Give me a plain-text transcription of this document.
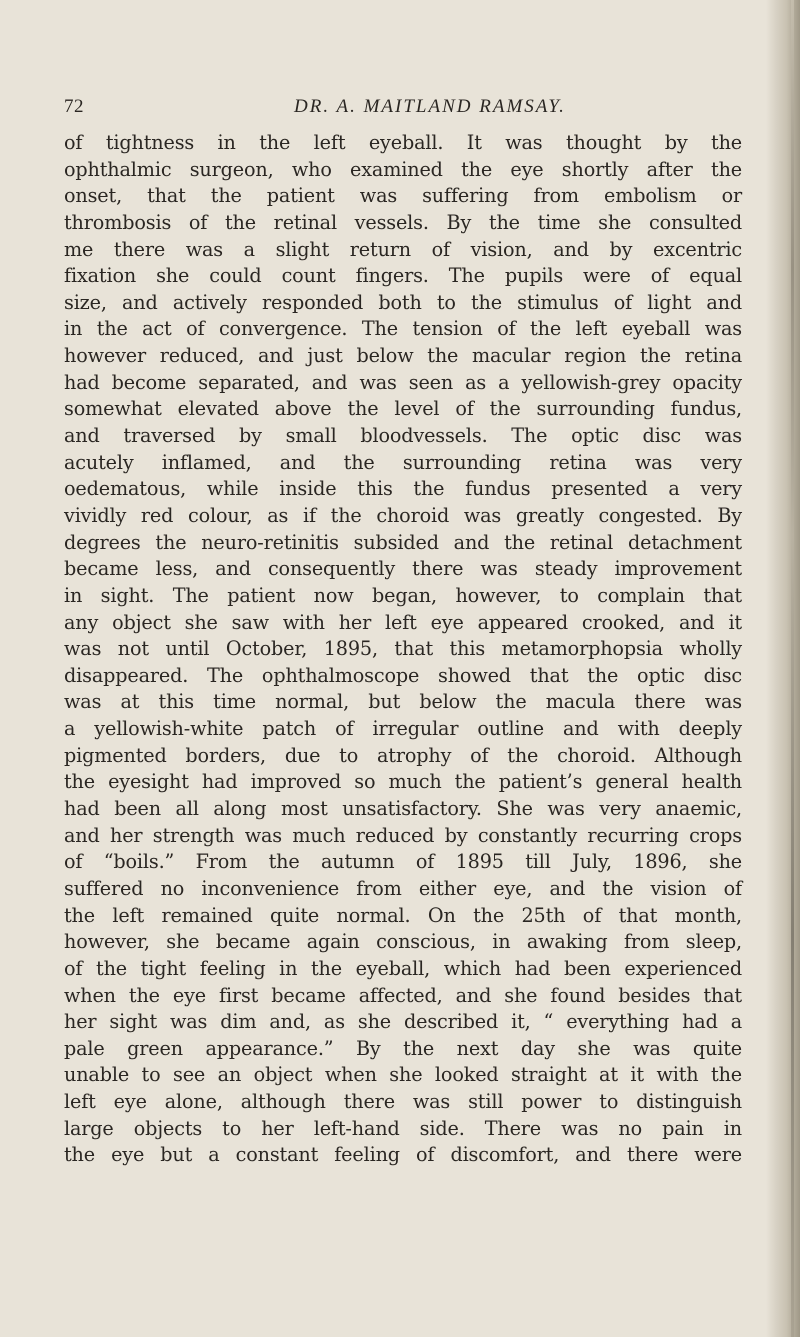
72	DR. A. MAITLAND RAMSAY.
of tightness in the left eyeball. It was thought by the
ophthalmic surgeon, who examined the eye shortly after the
onset, that the patient was suffering from embolism or
thrombosis of the retinal vessels. By the time she consulted
me there was a slight return of vision, and by excentric
fixation she could count fingers. The pupils were of equal
size, and actively responded both to the stimulus of light and
in the act of convergence. The tension of the left eyeball was
however reduced, and just below the macular region the retina
had become separated, and was seen as a yellowish-grey opacity
somewhat elevated above the level of the surrounding fundus,
and traversed by small bloodvessels. The optic disc was
acutely inflamed, and the surrounding retina was very
oedematous, while inside this the fundus presented a very
vividly red colour, as if the choroid was greatly congested. By
degrees the neuro-retinitis subsided and the retinal detachment
became less, and consequently there was steady improvement
in sight. The patient now began, however, to complain that
any object she saw with her left eye appeared crooked, and it
was not until October, 1895, that this metamorphopsia wholly
disappeared. The ophthalmoscope showed that the optic disc
was at this time normal, but below the macula there was
a yellowish-white patch of irregular outline and with deeply
pigmented borders, due to atrophy of the choroid. Although
the eyesight had improved so much the patient’s general health
had been all along most unsatisfactory. She was very anaemic,
and her strength was much reduced by constantly recurring crops
of “boils.” From the autumn of 1895 till July, 1896, she
suffered no inconvenience from either eye, and the vision of
the left remained quite normal. On the 25th of that month,
however, she became again conscious, in awaking from sleep,
of the tight feeling in the eyeball, which had been experienced
when the eye first became affected, and she found besides that
her sight was dim and, as she described it, “ everything had a
pale green appearance.” By the next day she was quite
unable to see an object when she looked straight at it with the
left eye alone, although there was still power to distinguish
large objects to her left-hand side. There was no pain in
the eye but a constant feeling of discomfort, and there were
